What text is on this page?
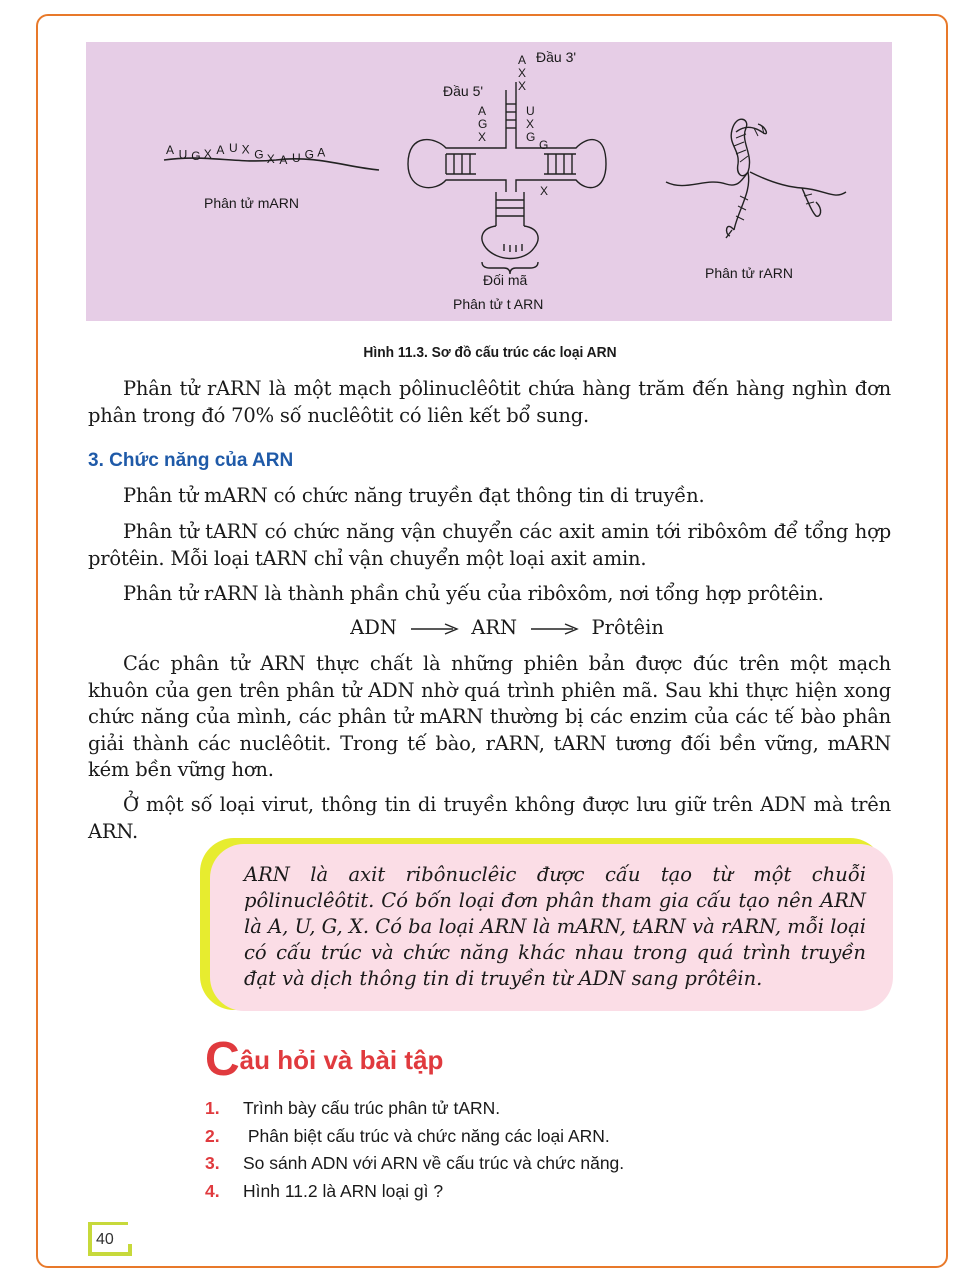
A U G X A U X G X A U G A
Phân tử mARN
Đầu 3'
Đầu 5'
A
X
X
A
G
X
U
X
G
G
X
Đối mã
Phân tử t ARN
Phân tử rARN
Hình 11.3. Sơ đồ cấu trúc các loại ARN

Phân tử rARN là một mạch pôlinuclêôtit chứa hàng trăm đến hàng nghìn đơn phân trong đó 70% số nuclêôtit có liên kết bổ sung.

3. Chức năng của ARN

Phân tử mARN có chức năng truyền đạt thông tin di truyền.

Phân tử tARN có chức năng vận chuyển các axit amin tới ribôxôm để tổng hợp prôtêin. Mỗi loại tARN chỉ vận chuyển một loại axit amin.

Phân tử rARN là thành phần chủ yếu của ribôxôm, nơi tổng hợp prôtêin.

ADN	ARN	Prôtêin

Các phân tử ARN thực chất là những phiên bản được đúc trên một mạch khuôn của gen trên phân tử ADN nhờ quá trình phiên mã. Sau khi thực hiện xong chức năng của mình, các phân tử mARN thường bị các enzim của các tế bào phân giải thành các nuclêôtit. Trong tế bào, rARN, tARN tương đối bền vững, mARN kém bền vững hơn.

Ở một số loại virut, thông tin di truyền không được lưu giữ trên ADN mà trên ARN.

ARN là axit ribônuclêic được cấu tạo từ một chuỗi pôlinuclêôtit. Có bốn loại đơn phân tham gia cấu tạo nên ARN là A, U, G, X. Có ba loại ARN là mARN, tARN và rARN, mỗi loại có cấu trúc và chức năng khác nhau trong quá trình truyền đạt và dịch thông tin di truyền từ ADN sang prôtêin.
Câu hỏi và bài tập
1. Trình bày cấu trúc phân tử tARN.
2. Phân biệt cấu trúc và chức năng các loại ARN.
3. So sánh ADN với ARN về cấu trúc và chức năng.
4. Hình 11.2 là ARN loại gì ?
40
